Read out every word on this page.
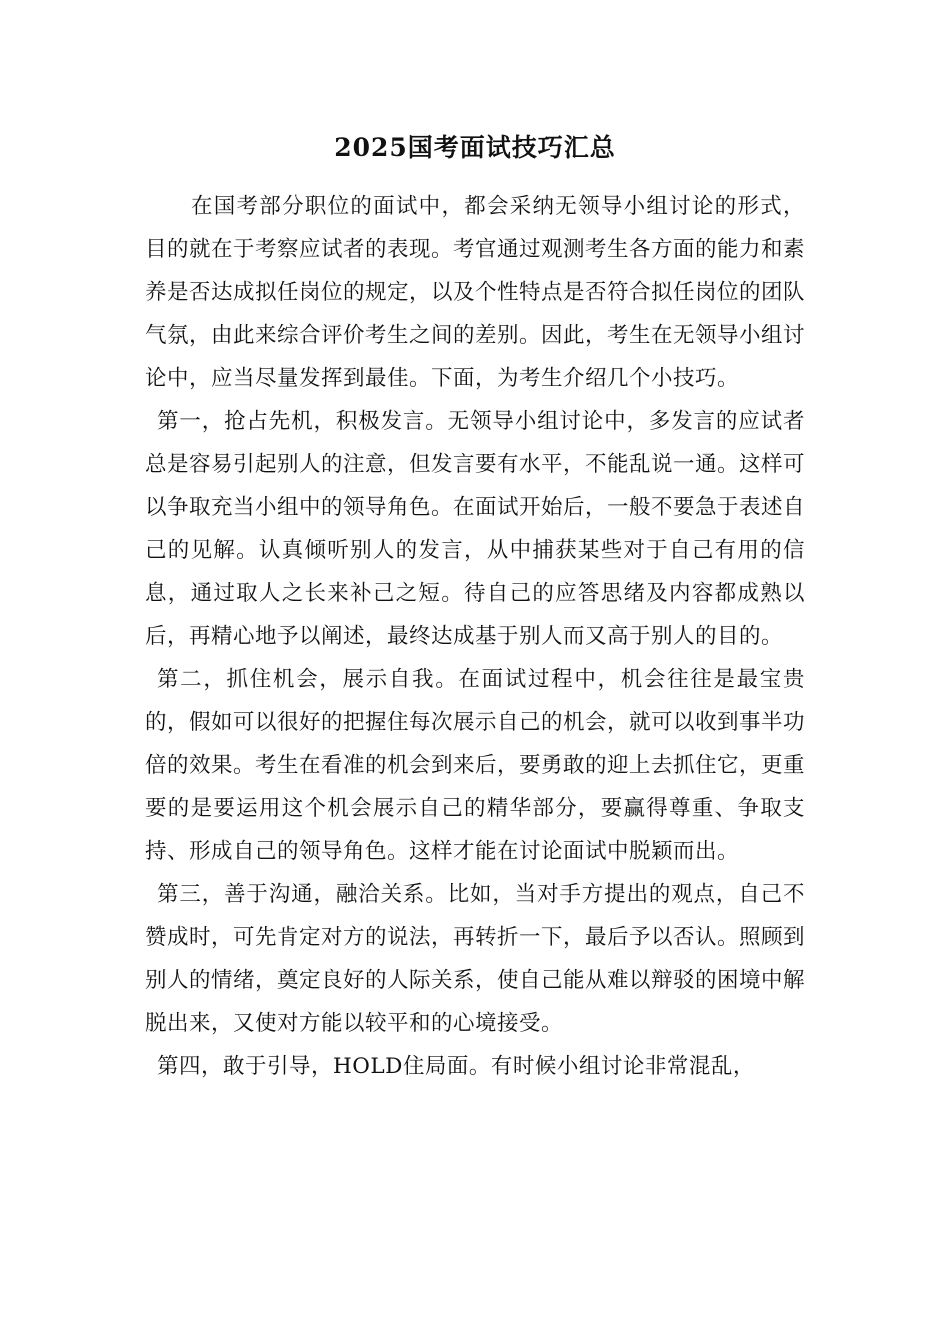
2025国考面试技巧汇总

在国考部分职位的面试中，都会采纳无领导小组讨论的形式，目的就在于考察应试者的表现。考官通过观测考生各方面的能力和素养是否达成拟任岗位的规定，以及个性特点是否符合拟任岗位的团队气氛，由此来综合评价考生之间的差别。因此，考生在无领导小组讨论中，应当尽量发挥到最佳。下面，为考生介绍几个小技巧。

第一，抢占先机，积极发言。无领导小组讨论中，多发言的应试者总是容易引起别人的注意，但发言要有水平，不能乱说一通。这样可以争取充当小组中的领导角色。在面试开始后，一般不要急于表述自己的见解。认真倾听别人的发言，从中捕获某些对于自己有用的信息，通过取人之长来补己之短。待自己的应答思绪及内容都成熟以后，再精心地予以阐述，最终达成基于别人而又高于别人的目的。

第二，抓住机会，展示自我。在面试过程中，机会往往是最宝贵的，假如可以很好的把握住每次展示自己的机会，就可以收到事半功倍的效果。考生在看准的机会到来后，要勇敢的迎上去抓住它，更重要的是要运用这个机会展示自己的精华部分，要赢得尊重、争取支持、形成自己的领导角色。这样才能在讨论面试中脱颖而出。

第三，善于沟通，融洽关系。比如，当对手方提出的观点，自己不赞成时，可先肯定对方的说法，再转折一下，最后予以否认。照顾到别人的情绪，奠定良好的人际关系，使自己能从难以辩驳的困境中解脱出来，又使对方能以较平和的心境接受。

第四，敢于引导，HOLD住局面。有时候小组讨论非常混乱，
